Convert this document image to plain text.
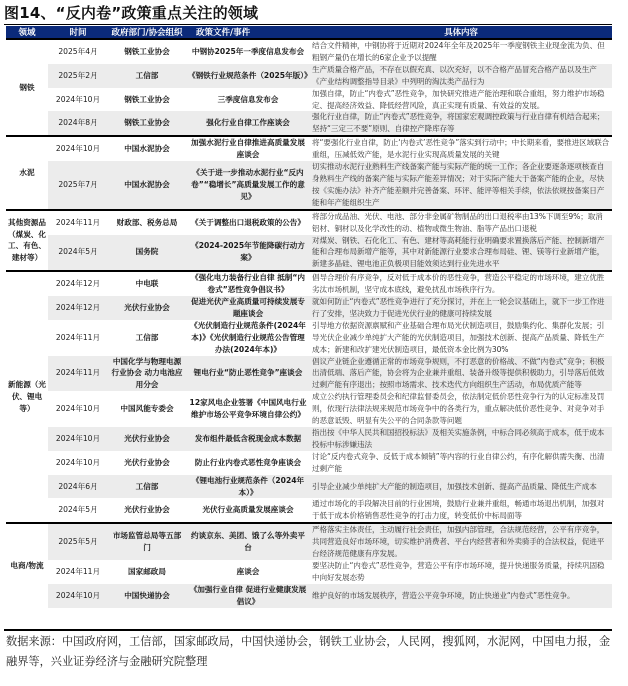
图14、“反内卷”政策重点关注的领域
领域	时间	政府部门/协会组织	政策文件/事件	具体内容
钢铁	2025年4月	钢铁工业协会	中钢协2025年一季度信息发布会	结合文件精神，中钢协将于近期对2024年全年及2025年一季度钢铁主业现金流为负、但粗钢产量仍在增长的6家企业予以提醒
	2025年2月	工信部	《钢铁行业规范条件（2025年版）》	生产质量合格产品，不存在以假充真、以次充好，以不合格产品冒充合格产品以及生产《产业结构调整指导目录》中列明的淘汰类产品行为
	2024年10月	钢铁工业协会	三季度信息发布会	加强自律，防止“内卷式”恶性竞争，加快研究推进产能治理和联合重组，努力维护市场稳定、提高经济效益、降低经营风险，真正实现有质量、有效益的发展。
	2024年8月	钢铁工业协会	强化行业自律工作座谈会	强化行业自律，防止“内卷式”恶性竞争，将国家宏观调控政策与行业自律有机结合起来；坚持“三定三不要”原则、自律控产降库存等
水泥	2024年10月	中国水泥协会	加强水泥行业自律推进高质量发展座谈会	将“要强化行业自律，防止‘内卷式’恶性竞争”落实到行动中；中长期来看，要推进区域联合重组，压减低效产能，是水泥行业实现高质量发展的关键
	2025年7月	中国水泥协会	《关于进一步推动水泥行业“反内卷”“稳增长”高质量发展工作的意见》	切实推动水泥行业熟料生产线备案产能与实际产能的统一工作；各企业要逐条逐项核查自身熟料生产线的备案产能与实际产能差异情况；对于实际产能大于备案产能的企业，尽快按《实施办法》补齐产能差额并完善备案、环评、能评等相关手续，依法依规按备案日产能和年产能组织生产
其他资源品（煤炭、化工、有色、建材等）	2024年11月	财政部、税务总局	《关于调整出口退税政策的公告》	将部分成品油、光伏、电池、部分非金属矿物制品的出口退税率由13%下调至9%；取消铝材、铜材以及化学改性的动、植物或微生物油、脂等产品出口退税
	2024年5月	国务院	《2024-2025年节能降碳行动方案》	对煤炭、钢铁、石化化工、有色、建材等高耗能行业明确要求置换落后产能、控制新增产能和合理布局新增产能等，其中对新能源行业要求合理布局硅、锂、镁等行业新增产能，新建多晶硅、锂电池正负极项目能效须达到行业先进水平
新能源（光伏、锂电等）	2024年12月	中电联	《强化电力装备行业自律 抵制“内卷式”恶性竞争倡议书》	倡导合理价有序竞争，反对低于成本价的恶性竞争，营造公平稳定的市场环境，建立优胜劣汰市场机制，坚守成本底线，避免扰乱市场秩序行为。
	2024年12月	光伏行业协会	促进光伏产业高质量可持续发展专题座谈会	就如何防止“内卷式”恶性竞争进行了充分探讨，并在上一轮会议基础上，就下一步工作进行了安排，坚决致力于促进光伏行业的健康可持续发展
	2024年11月	工信部	《光伏制造行业规范条件(2024年本)》《光伏制造行业规范公告管理办法(2024年本)》	引导地方依据资源禀赋和产业基础合理布局光伏制造项目，鼓励集约化、集群化发展；引导光伏企业减少单纯扩大产能的光伏制造项目，加强技术创新、提高产品质量、降低生产成本；新建和改扩建光伏制造项目，最低资本金比例为30%
	2024年11月	中国化学与物理电源行业协会 动力电池应用分会	锂电行业“防止恶性竞争”座谈会	倡议产业链企业遵循正常的市场竞争规则，不打恶意的价格战、不做“内卷式”竞争；积极出清低端、落后产能，协会将为企业兼并重组、装备升级等提供积极助力，引导落后低效过剩产能有序退出；按照市场需求、技术迭代方向组织生产活动，布局优质产能等
	2024年10月	中国风能专委会	12家风电企业签署《中国风电行业维护市场公平竞争环境自律公约》	成立公约执行管理委员会和纪律监督委员会，依法制定低价恶性竞争行为的认定标准及罚则，依现行法律法规来规范市场竞争中的各类行为，重点解决低价恶性竞争、对竞争对手的恶意诋毁、明显有失公平的合同条款等问题
	2024年10月	光伏行业协会	发布组件最低含税现金成本数据	指出按《中华人民共和国招投标法》及相关实施条例，中标合同必须高于成本，低于成本投标中标涉嫌违法
	2024年10月	光伏行业协会	防止行业内卷式恶性竞争座谈会	讨论“反内卷式竞争、反低于成本倾销”等内容的行业自律公约，有序化解供需失衡、出清过剩产能
	2024年6月	工信部	《锂电池行业规范条件（2024年本）》	引导企业减少单纯扩大产能的制造项目，加强技术创新、提高产品质量、降低生产成本
	2024年5月	光伏行业协会	光伏行业高质量发展座谈会	通过市场化的手段解决目前的行业困境，鼓励行业兼并重组，畅通市场退出机制，加强对于低于成本价格销售恶性竞争的打击力度，转变低价中标局面等
电商/物流	2025年5月	市场监管总局等五部门	约谈京东、美团、饿了么等外卖平台	严格落实主体责任，主动履行社会责任，加强内部管理，合法规范经营，公平有序竞争，共同营造良好市场环境，切实维护消费者、平台内经营者和外卖骑手的合法权益，促进平台经济规范健康有序发展。
	2024年11月	国家邮政局	座谈会	要坚决防止“内卷式”恶性竞争，营造公平有序市场环境，提升快递服务质量，持续巩固稳中向好发展态势
	2024年10月	中国快递协会	《加强行业自律 促进行业健康发展倡议》	维护良好的市场发展秩序，营造公平竞争环境，防止快递业“内卷式”恶性竞争。
数据来源：中国政府网，工信部，国家邮政局，中国快递协会，钢铁工业协会，人民网，搜狐网，水泥网，中国电力报，金融界等，兴业证券经济与金融研究院整理
